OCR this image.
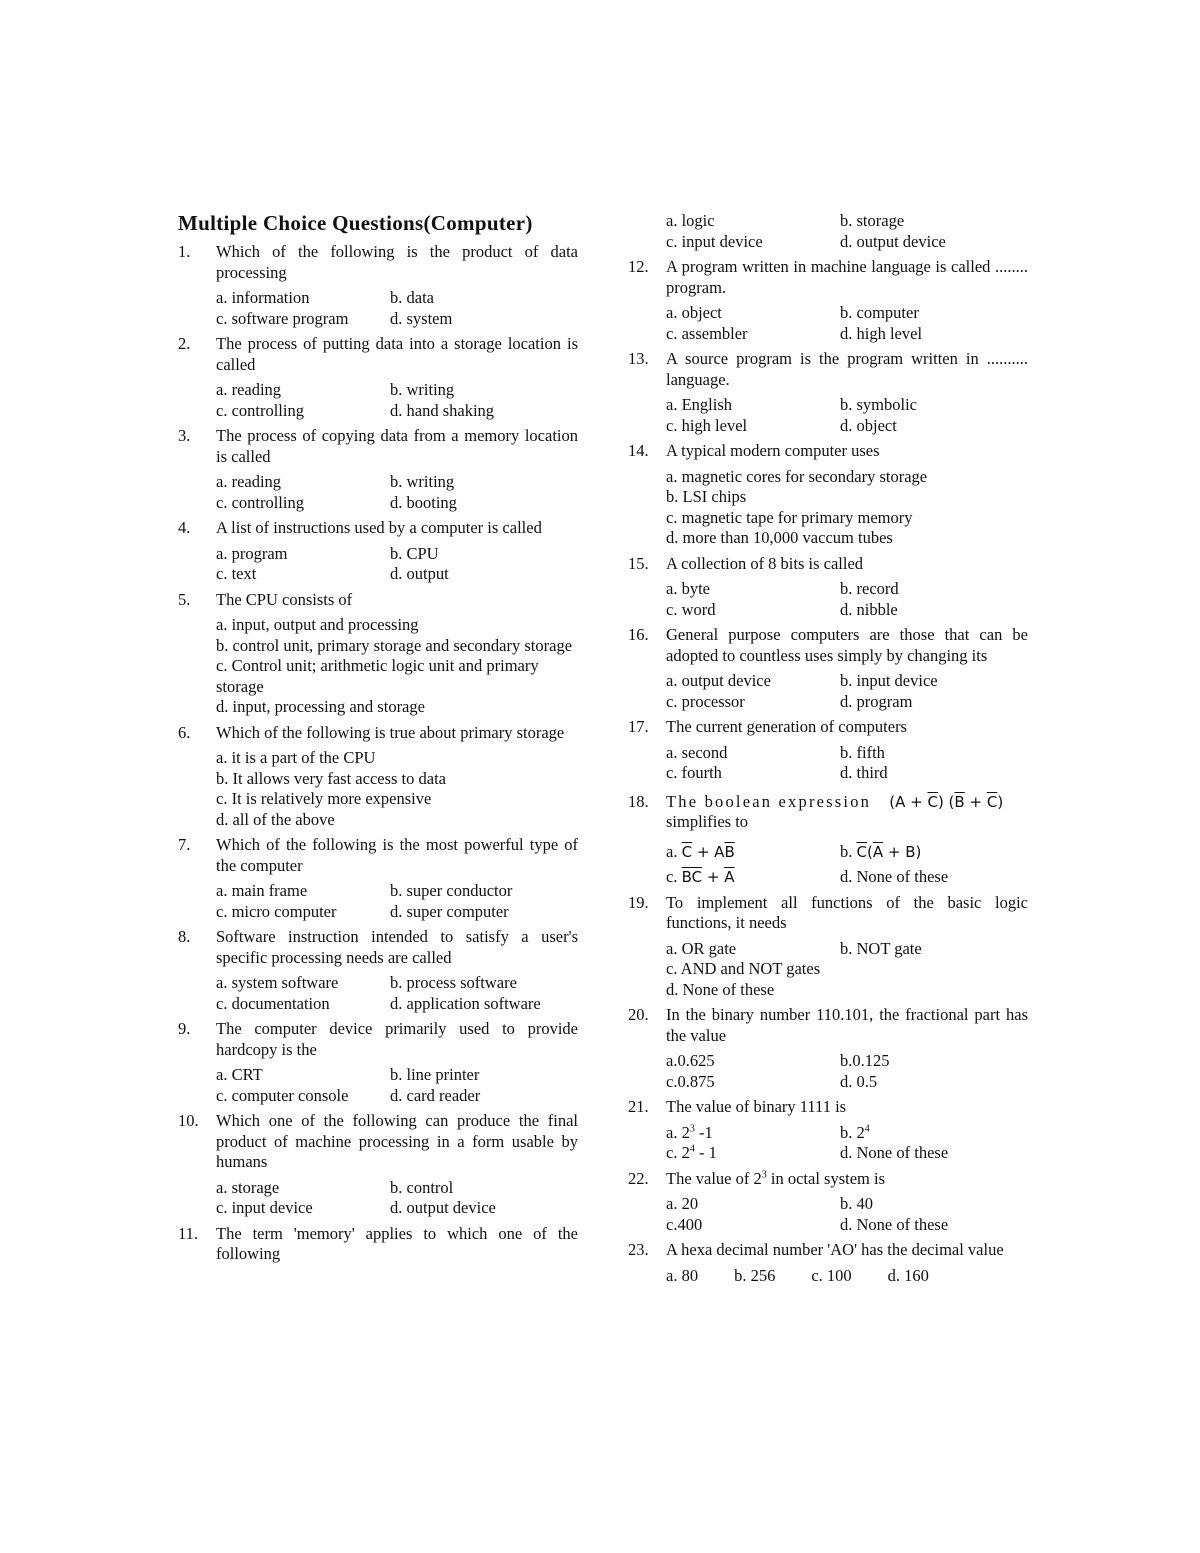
Multiple Choice Questions(Computer)
1.	Which of the following is the product of data processing
a. information	b. data
c. software program	d. system
2.	The process of putting data into a storage location is called
a. reading	b. writing
c. controlling	d. hand shaking
3.	The process of copying data from a memory location is called
a. reading	b. writing
c. controlling	d. booting
4.	A list of instructions used by a computer is called
a. program	b. CPU
c. text	d. output
5.	The CPU consists of
a. input, output and processing
b. control unit, primary storage and secondary storage
c. Control unit; arithmetic logic unit and primary storage
d. input, processing and storage
6.	Which of the following is true about primary storage
a. it is a part of the CPU
b. It allows very fast access to data
c. It is relatively more expensive
d. all of the above
7.	Which of the following is the most powerful type of the computer
a. main frame	b. super conductor
c. micro computer	d. super computer
8.	Software instruction intended to satisfy a user's specific processing needs are called
a. system software	b. process software
c. documentation	d. application software
9.	The computer device primarily used to provide hardcopy is the
a. CRT	b. line printer
c. computer console	d. card reader
10.	Which one of the following can produce the final product of machine processing in a form usable by humans
a. storage	b. control
c. input device	d. output device
11.	The term 'memory' applies to which one of the following
a. logic	b. storage
c. input device	d. output device
12.	A program written in machine language is called ........ program.
a. object	b. computer
c. assembler	d. high level
13.	A source program is the program written in .......... language.
a. English	b. symbolic
c. high level	d. object
14.	A typical modern computer uses
a. magnetic cores for secondary storage
b. LSI chips
c. magnetic tape for primary memory
d. more than 10,000 vaccum tubes
15.	A collection of 8 bits is called
a. byte	b. record
c. word	d. nibble
16.	General purpose computers are those that can be adopted to countless uses simply by changing its
a. output device	b. input device
c. processor	d. program
17.	The current generation of computers
a. second	b. fifth
c. fourth	d. third
18.	The boolean expression $(A + \overline{C})$ $(\overline{B} + \overline{C})$
simplifies to
a. $\overline{C} + A\overline{B}$	b. $\overline{C}(\overline{A} + B)$
c. $\overline{BC} + \overline{A}$	d. None of these
19.	To implement all functions of the basic logic functions, it needs
a. OR gate	b. NOT gate
c. AND and NOT gates
d. None of these
20.	In the binary number 110.101, the fractional part has the value
a.0.625	b.0.125
c.0.875	d. 0.5
21.	The value of binary 1111 is
a. $2^3$ -1	b. $2^4$
c. $2^4 - 1$	d. None of these
22.	The value of $2^3$ in octal system is
a. 20	b. 40
c.400	d. None of these
23.	A hexa decimal number 'AO' has the decimal value
a. 80 b. 256 c. 100 d. 160
